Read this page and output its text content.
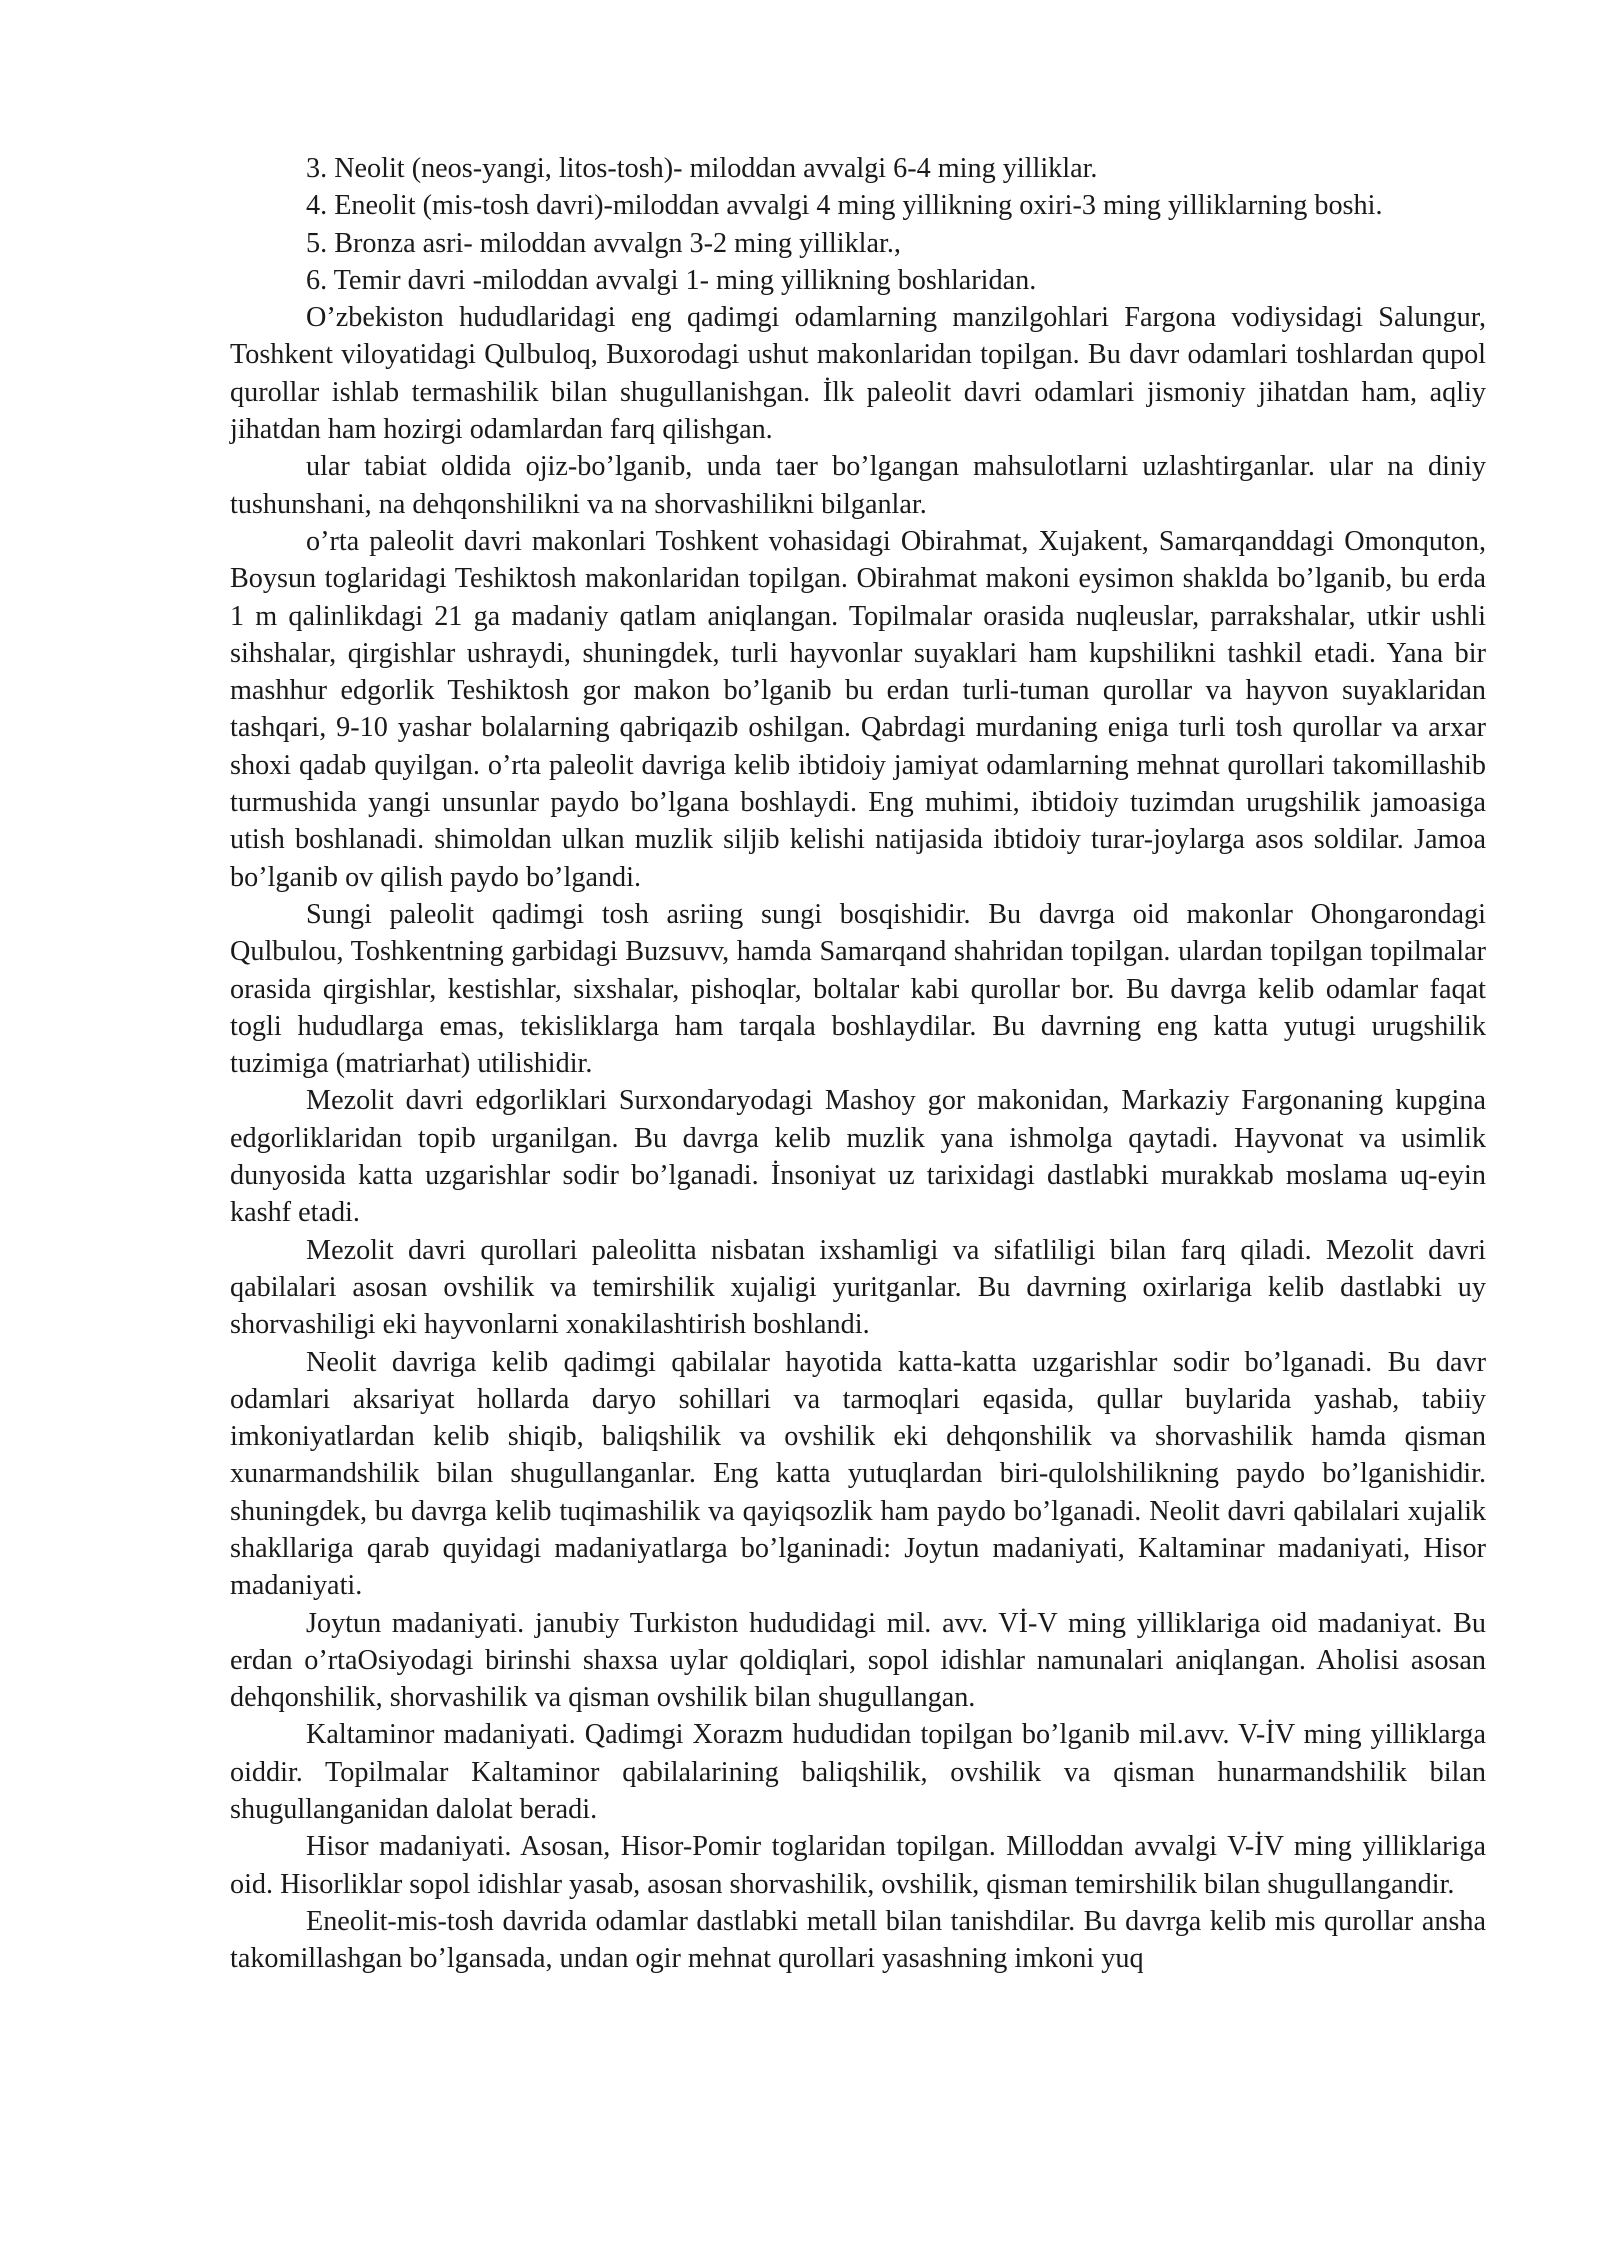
3. Neolit (neos-yangi, litos-tosh)- miloddan avvalgi 6-4 ming yilliklar.

4. Eneolit (mis-tosh davri)-miloddan avvalgi 4 ming yillikning oxiri-3 ming yilliklarning boshi.

5. Bronza asri- miloddan avvalgn 3-2 ming yilliklar.,

6. Temir davri -miloddan avvalgi 1- ming yillikning boshlaridan.

O’zbekiston hududlaridagi eng qadimgi odamlarning manzilgohlari Fargona vodiysidagi Salungur, Toshkent viloyatidagi Qulbuloq, Buxorodagi ushut makonlaridan topilgan. Bu davr odamlari toshlardan qupol qurollar ishlab termashilik bilan shugullanishgan. İlk paleolit davri odamlari jismoniy jihatdan ham, aqliy jihatdan ham hozirgi odamlardan farq qilishgan.

ular tabiat oldida ojiz-bo’lganib, unda taer bo’lgangan mahsulotlarni uzlashtirganlar. ular na diniy tushunshani, na dehqonshilikni va na shorvashilikni bilganlar.

o’rta paleolit davri makonlari Toshkent vohasidagi Obirahmat, Xujakent, Samarqanddagi Omonquton, Boysun toglaridagi Teshiktosh makonlaridan topilgan. Obirahmat makoni eysimon shaklda bo’lganib, bu erda 1 m qalinlikdagi 21 ga madaniy qatlam aniqlangan. Topilmalar orasida nuqleuslar, parrakshalar, utkir ushli sihshalar, qirgishlar ushraydi, shuningdek, turli hayvonlar suyaklari ham kupshilikni tashkil etadi. Yana bir mashhur edgorlik Teshiktosh gor makon bo’lganib bu erdan turli-tuman qurollar va hayvon suyaklaridan tashqari, 9-10 yashar bolalarning qabriqazib oshilgan. Qabrdagi murdaning eniga turli tosh qurollar va arxar shoxi qadab quyilgan. o’rta paleolit davriga kelib ibtidoiy jamiyat odamlarning mehnat qurollari takomillashib turmushida yangi unsunlar paydo bo’lgana boshlaydi. Eng muhimi, ibtidoiy tuzimdan urugshilik jamoasiga utish boshlanadi. shimoldan ulkan muzlik siljib kelishi natijasida ibtidoiy turar-joylarga asos soldilar. Jamoa bo’lganib ov qilish paydo bo’lgandi.

Sungi paleolit qadimgi tosh asriing sungi bosqishidir. Bu davrga oid makonlar Ohongarondagi Qulbulou, Toshkentning garbidagi Buzsuvv, hamda Samarqand shahridan topilgan. ulardan topilgan topilmalar orasida qirgishlar, kestishlar, sixshalar, pishoqlar, boltalar kabi qurollar bor. Bu davrga kelib odamlar faqat togli hududlarga emas, tekisliklarga ham tarqala boshlaydilar. Bu davrning eng katta yutugi urugshilik tuzimiga (matriarhat) utilishidir.

Mezolit davri edgorliklari Surxondaryodagi Mashoy gor makonidan, Markaziy Fargonaning kupgina edgorliklaridan topib urganilgan. Bu davrga kelib muzlik yana ishmolga qaytadi. Hayvonat va usimlik dunyosida katta uzgarishlar sodir bo’lganadi. İnsoniyat uz tarixidagi dastlabki murakkab moslama uq-eyin kashf etadi.

Mezolit davri qurollari paleolitta nisbatan ixshamligi va sifatliligi bilan farq qiladi. Mezolit davri qabilalari asosan ovshilik va temirshilik xujaligi yuritganlar. Bu davrning oxirlariga kelib dastlabki uy shorvashiligi eki hayvonlarni xonakilashtirish boshlandi.

Neolit davriga kelib qadimgi qabilalar hayotida katta-katta uzgarishlar sodir bo’lganadi. Bu davr odamlari aksariyat hollarda daryo sohillari va tarmoqlari eqasida, qullar buylarida yashab, tabiiy imkoniyatlardan kelib shiqib, baliqshilik va ovshilik eki dehqonshilik va shorvashilik hamda qisman xunarmandshilik bilan shugullanganlar. Eng katta yutuqlardan biri-qulolshilikning paydo bo’lganishidir. shuningdek, bu davrga kelib tuqimashilik va qayiqsozlik ham paydo bo’lganadi. Neolit davri qabilalari xujalik shakllariga qarab quyidagi madaniyatlarga bo’lganinadi: Joytun madaniyati, Kaltaminar madaniyati, Hisor madaniyati.

Joytun madaniyati. janubiy Turkiston hududidagi mil. avv. Vİ-V ming yilliklariga oid madaniyat. Bu erdan o’rtaOsiyodagi birinshi shaxsa uylar qoldiqlari, sopol idishlar namunalari aniqlangan. Aholisi asosan dehqonshilik, shorvashilik va qisman ovshilik bilan shugullangan.

Kaltaminor madaniyati. Qadimgi Xorazm hududidan topilgan bo’lganib mil.avv. V-İV ming yilliklarga oiddir. Topilmalar Kaltaminor qabilalarining baliqshilik, ovshilik va qisman hunarmandshilik bilan shugullanganidan dalolat beradi.

Hisor madaniyati. Asosan, Hisor-Pomir toglaridan topilgan. Milloddan avvalgi V-İV ming yilliklariga oid. Hisorliklar sopol idishlar yasab, asosan shorvashilik, ovshilik, qisman temirshilik bilan shugullangandir.

Eneolit-mis-tosh davrida odamlar dastlabki metall bilan tanishdilar. Bu davrga kelib mis qurollar ansha takomillashgan bo’lgansada, undan ogir mehnat qurollari yasashning imkoni yuq
